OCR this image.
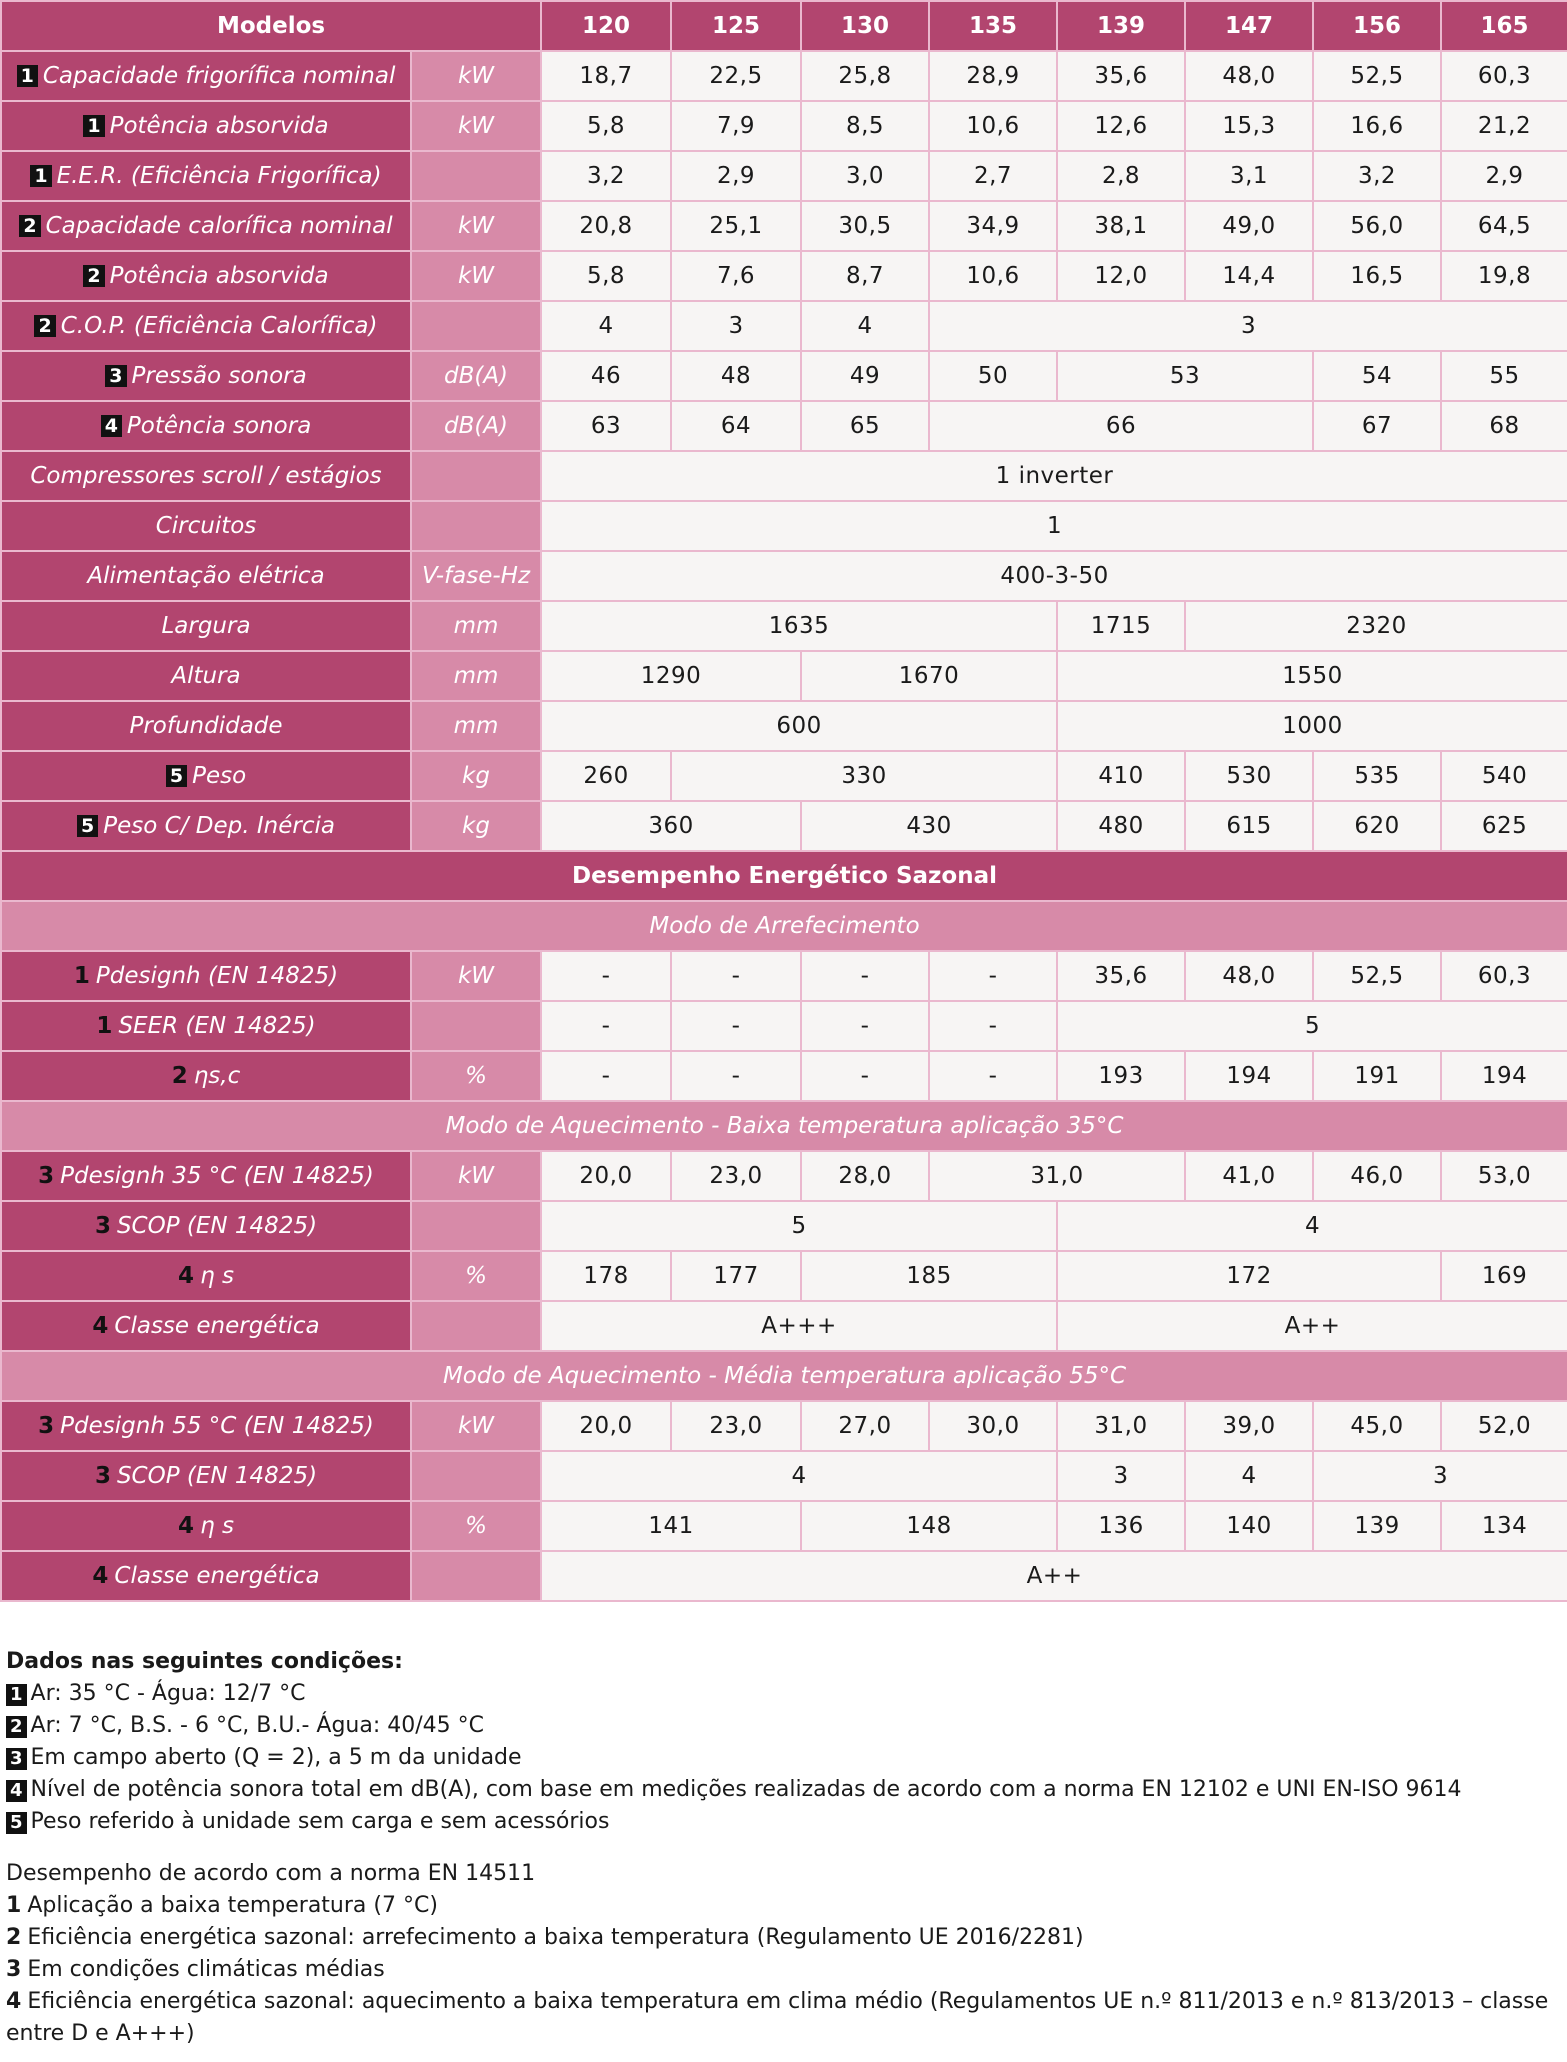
Modelos		120	125	130	135	139	147	156	165
1 Capacidade frigorífica nominal	kW	18,7	22,5	25,8	28,9	35,6	48,0	52,5	60,3
1 Potência absorvida	kW	5,8	7,9	8,5	10,6	12,6	15,3	16,6	21,2
1 E.E.R. (Eficiência Frigorífica)		3,2	2,9	3,0	2,7	2,8	3,1	3,2	2,9
2 Capacidade calorífica nominal	kW	20,8	25,1	30,5	34,9	38,1	49,0	56,0	64,5
2 Potência absorvida	kW	5,8	7,6	8,7	10,6	12,0	14,4	16,5	19,8
2 C.O.P. (Eficiência Calorífica)		4	3	4	3				
3 Pressão sonora	dB(A)	46	48	49	50	53		54	55
4 Potência sonora	dB(A)	63	64	65	66			67	68
Compressores scroll / estágios		1 inverter							
Circuitos		1							
Alimentação elétrica	V-fase-Hz	400-3-50							
Largura	mm	1635				1715	2320		
Altura	mm	1290		1670		1550			
Profundidade	mm	600				1000			
5 Peso	kg	260	330			410	530	535	540
5 Peso C/ Dep. Inércia	kg	360		430		480	615	620	625
Desempenho Energético Sazonal									
Modo de Arrefecimento									
1 Pdesignh (EN 14825)	kW	-	-	-	-	35,6	48,0	52,5	60,3
1 SEER (EN 14825)		-	-	-	-	5			
2 ηs,c	%	-	-	-	-	193	194	191	194
Modo de Aquecimento - Baixa temperatura aplicação 35°C									
3 Pdesignh 35 °C (EN 14825)	kW	20,0	23,0	28,0	31,0		41,0	46,0	53,0
3 SCOP (EN 14825)		5				4			
4 η s	%	178	177	185		172			169
4 Classe energética		A+++				A++			
Modo de Aquecimento - Média temperatura aplicação 55°C									
3 Pdesignh 55 °C (EN 14825)	kW	20,0	23,0	27,0	30,0	31,0	39,0	45,0	52,0
3 SCOP (EN 14825)		4				3	4	3	
4 η s	%	141		148		136	140	139	134
4 Classe energética		A++							
Dados nas seguintes condições:
1 Ar: 35 °C - Água: 12/7 °C
2 Ar: 7 °C, B.S. - 6 °C, B.U.- Água: 40/45 °C
3 Em campo aberto (Q = 2), a 5 m da unidade
4 Nível de potência sonora total em dB(A), com base em medições realizadas de acordo com a norma EN 12102 e UNI EN-ISO 9614
5 Peso referido à unidade sem carga e sem acessórios
Desempenho de acordo com a norma EN 14511
1 Aplicação a baixa temperatura (7 °C)
2 Eficiência energética sazonal: arrefecimento a baixa temperatura (Regulamento UE 2016/2281)
3 Em condições climáticas médias
4 Eficiência energética sazonal: aquecimento a baixa temperatura em clima médio (Regulamentos UE n.º 811/2013 e n.º 813/2013 – classe entre D e A+++)
